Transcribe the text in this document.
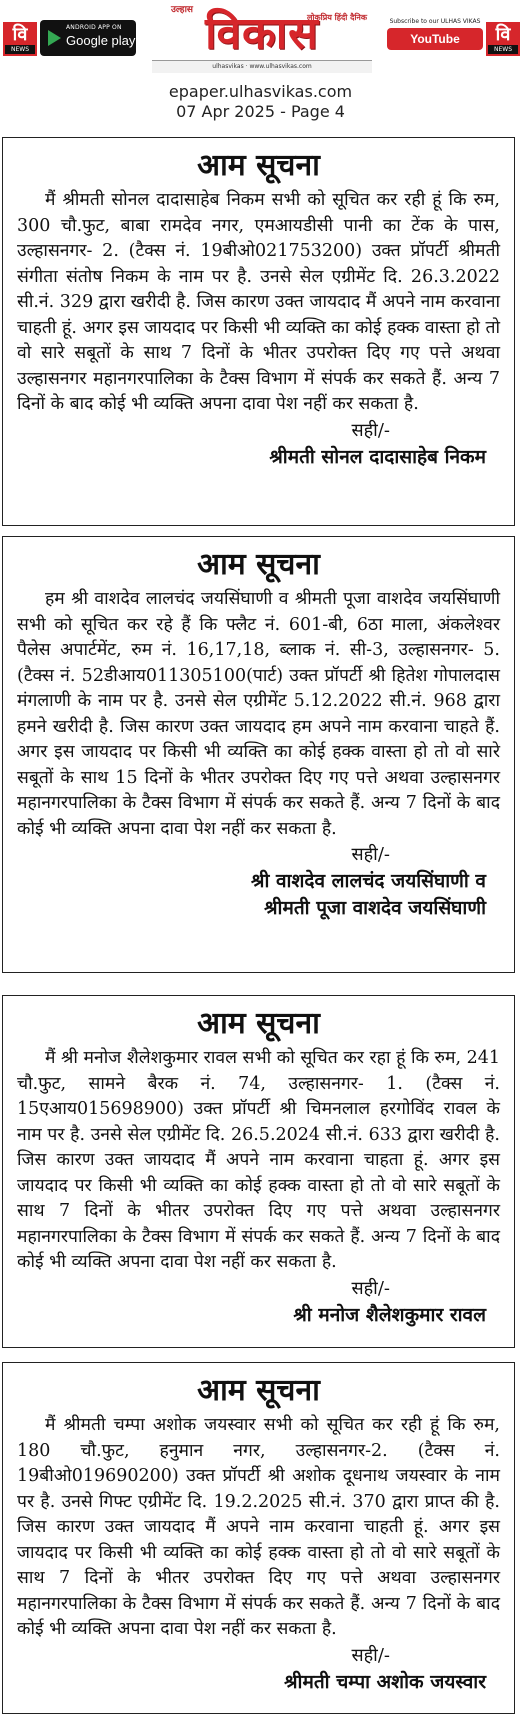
वि
NEWS
ANDROID APP ON
Google play
उल्हास
लोकप्रिय हिंदी दैनिक
विकास
ulhasvikas · www.ulhasvikas.com
Subscribe to our ULHAS VIKAS
YouTube Channel
वि
NEWS
epaper.ulhasvikas.com
07 Apr 2025 - Page 4
आम सूचना

मैं श्रीमती सोनल दादासाहेब निकम सभी को सूचित कर रही हूं कि रुम, 300 चौ.फुट, बाबा रामदेव नगर, एमआयडीसी पानी का टेंक के पास, उल्हासनगर- 2. (टैक्स नं. 19बीओ021753200) उक्त प्रॉपर्टी श्रीमती संगीता संतोष निकम के नाम पर है. उनसे सेल एग्रीमेंट दि. 26.3.2022 सी.नं. 329 द्वारा खरीदी है. जिस कारण उक्त जायदाद मैं अपने नाम करवाना चाहती हूं. अगर इस जायदाद पर किसी भी व्यक्ति का कोई हक्क वास्ता हो तो वो सारे सबूतों के साथ 7 दिनों के भीतर उपरोक्त दिए गए पत्ते अथवा उल्हासनगर महानगरपालिका के टैक्स विभाग में संपर्क कर सकते हैं. अन्य 7 दिनों के बाद कोई भी व्यक्ति अपना दावा पेश नहीं कर सकता है.

सही/-
श्रीमती सोनल दादासाहेब निकम
आम सूचना

हम श्री वाशदेव लालचंद जयसिंघाणी व श्रीमती पूजा वाशदेव जयसिंघाणी सभी को सूचित कर रहे हैं कि फ्लैट नं. 601-बी, 6ठा माला, अंकलेश्वर पैलेस अपार्टमेंट, रुम नं. 16,17,18, ब्लाक नं. सी-3, उल्हासनगर- 5. (टैक्स नं. 52डीआय011305100(पार्ट) उक्त प्रॉपर्टी श्री हितेश गोपालदास मंगलाणी के नाम पर है. उनसे सेल एग्रीमेंट 5.12.2022 सी.नं. 968 द्वारा हमने खरीदी है. जिस कारण उक्त जायदाद हम अपने नाम करवाना चाहते हैं. अगर इस जायदाद पर किसी भी व्यक्ति का कोई हक्क वास्ता हो तो वो सारे सबूतों के साथ 15 दिनों के भीतर उपरोक्त दिए गए पत्ते अथवा उल्हासनगर महानगरपालिका के टैक्स विभाग में संपर्क कर सकते हैं. अन्य 7 दिनों के बाद कोई भी व्यक्ति अपना दावा पेश नहीं कर सकता है.

सही/-
श्री वाशदेव लालचंद जयसिंघाणी व
श्रीमती पूजा वाशदेव जयसिंघाणी
आम सूचना

मैं श्री मनोज शैलेशकुमार रावल सभी को सूचित कर रहा हूं कि रुम, 241 चौ.फुट, सामने बैरक नं. 74, उल्हासनगर- 1. (टैक्स नं. 15एआय015698900) उक्त प्रॉपर्टी श्री चिमनलाल हरगोविंद रावल के नाम पर है. उनसे सेल एग्रीमेंट दि. 26.5.2024 सी.नं. 633 द्वारा खरीदी है. जिस कारण उक्त जायदाद मैं अपने नाम करवाना चाहता हूं. अगर इस जायदाद पर किसी भी व्यक्ति का कोई हक्क वास्ता हो तो वो सारे सबूतों के साथ 7 दिनों के भीतर उपरोक्त दिए गए पत्ते अथवा उल्हासनगर महानगरपालिका के टैक्स विभाग में संपर्क कर सकते हैं. अन्य 7 दिनों के बाद कोई भी व्यक्ति अपना दावा पेश नहीं कर सकता है.

सही/-
श्री मनोज शैलेशकुमार रावल
आम सूचना

मैं श्रीमती चम्पा अशोक जयस्वार सभी को सूचित कर रही हूं कि रुम, 180 चौ.फुट, हनुमान नगर, उल्हासनगर-2. (टैक्स नं. 19बीओ019690200) उक्त प्रॉपर्टी श्री अशोक दूधनाथ जयस्वार के नाम पर है. उनसे गिफ्ट एग्रीमेंट दि. 19.2.2025 सी.नं. 370 द्वारा प्राप्त की है. जिस कारण उक्त जायदाद मैं अपने नाम करवाना चाहती हूं. अगर इस जायदाद पर किसी भी व्यक्ति का कोई हक्क वास्ता हो तो वो सारे सबूतों के साथ 7 दिनों के भीतर उपरोक्त दिए गए पत्ते अथवा उल्हासनगर महानगरपालिका के टैक्स विभाग में संपर्क कर सकते हैं. अन्य 7 दिनों के बाद कोई भी व्यक्ति अपना दावा पेश नहीं कर सकता है.

सही/-
श्रीमती चम्पा अशोक जयस्वार
